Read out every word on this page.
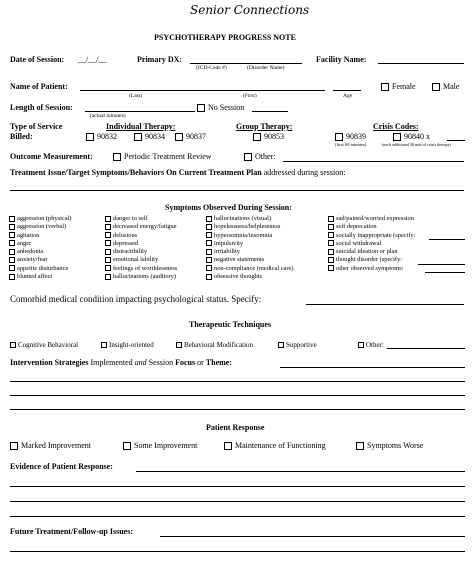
Senior Connections
PSYCHOTHERAPY PROGRESS NOTE
Date of Session: __/__/__	Primary DX:
(ICD-Code #)	(Disorder Name)
Facility Name:
Name of Patient:
(Last)	(First)	Age
Female	Male
Length of Session:
(actual minutes)
No Session
Type of Service
Billed:
Individual Therapy:	Group Therapy:	Crisis Codes:
90832	90834	90837	90853	90839	90840 x
(first 60 minutes)	(each additional 30 min of crisis therapy)
Outcome Measurement:	Periodic Treatment Review	Other:
Treatment Issue/Target Symptoms/Behaviors On Current Treatment Plan addressed during session:
Symptoms Observed During Session:
aggression (physical)
aggression (verbal)
agitation
anger
anhedonia
anxiety/fear
appetite disturbance
blunted affect
danger to self
decreased energy/fatigue
delusions
depressed
distractibility
emotional lability
feelings of worthlessness
hallucinations (auditory)
hallucinations (visual)
hopelessness/helplessness
hypersomnia/insomnia
impulsivity
irritability
negative statements
non-compliance (medical care)
obsessive thoughts
sad/pained/worried expression
self deprecation
socially inappropriate (specify:
social withdrawal
suicidal ideation or plan
thought disorder (specify:
other observed symptoms:
Comorbid medical condition impacting psychological status. Specify:
Therapeutic Techniques
Cognitive Behavioral	Insight-oriented	Behavioral Modification	Supportive	Other:
Intervention Strategies Implemented and Session Focus or Theme:
Patient Response
Marked Improvement	Some Improvement	Maintenance of Functioning	Symptoms Worse
Evidence of Patient Response:
Future Treatment/Follow-up Issues:
